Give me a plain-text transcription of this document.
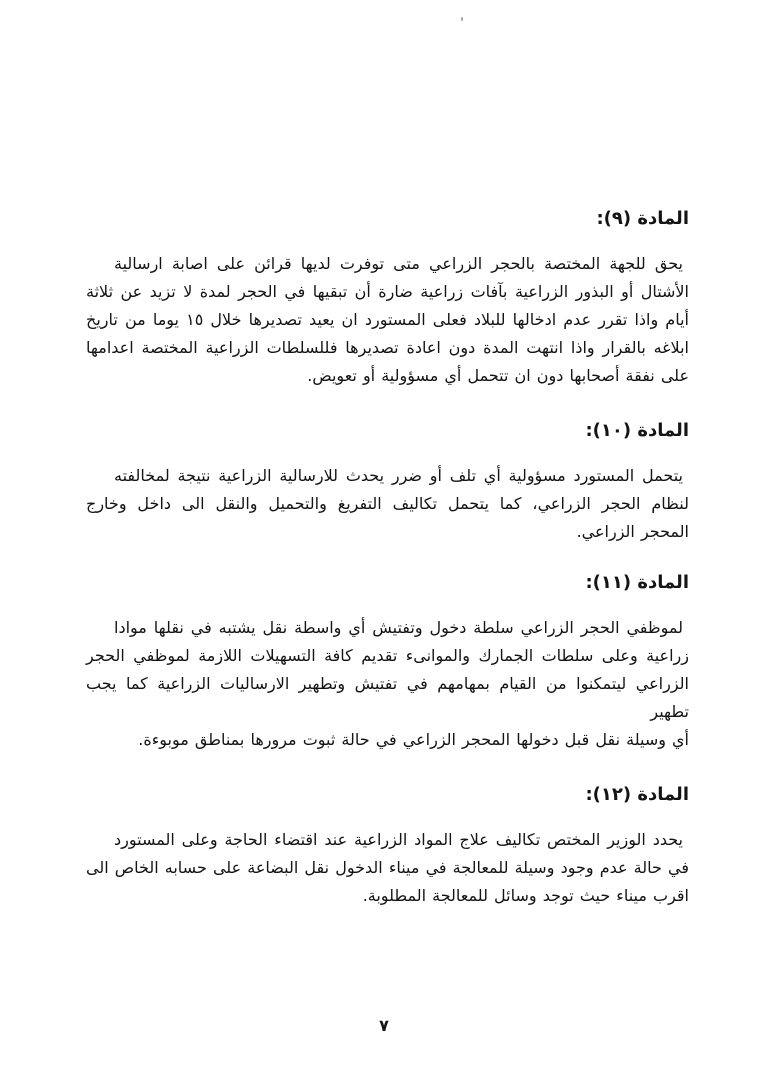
المادة (٩):

يحق للجهة المختصة بالحجر الزراعي متى توفرت لديها قرائن على اصابة ارسالية
الأشتال أو البذور الزراعية بآفات زراعية ضارة أن تبقيها في الحجر لمدة لا تزيد عن ثلاثة
أيام واذا تقرر عدم ادخالها للبلاد فعلى المستورد ان يعيد تصديرها خلال ١٥ يوما من تاريخ
ابلاغه بالقرار واذا انتهت المدة دون اعادة تصديرها فللسلطات الزراعية المختصة اعدامها
على نفقة أصحابها دون ان تتحمل أي مسؤولية أو تعويض.

المادة (١٠):

يتحمل المستورد مسؤولية أي تلف أو ضرر يحدث للارسالية الزراعية نتيجة لمخالفته
لنظام الحجر الزراعي، كما يتحمل تكاليف التفريغ والتحميل والنقل الى داخل وخارج
المحجر الزراعي.

المادة (١١):

لموظفي الحجر الزراعي سلطة دخول وتفتيش أي واسطة نقل يشتبه في نقلها موادا
زراعية وعلى سلطات الجمارك والموانىء تقديم كافة التسهيلات اللازمة لموظفي الحجر
الزراعي ليتمكنوا من القيام بمهامهم في تفتيش وتطهير الارساليات الزراعية كما يجب تطهير
أي وسيلة نقل قبل دخولها المحجر الزراعي في حالة ثبوت مرورها بمناطق موبوءة.

المادة (١٢):

يحدد الوزير المختص تكاليف علاج المواد الزراعية عند اقتضاء الحاجة وعلى المستورد
في حالة عدم وجود وسيلة للمعالجة في ميناء الدخول نقل البضاعة على حسابه الخاص الى
اقرب ميناء حيث توجد وسائل للمعالجة المطلوبة.

٧
